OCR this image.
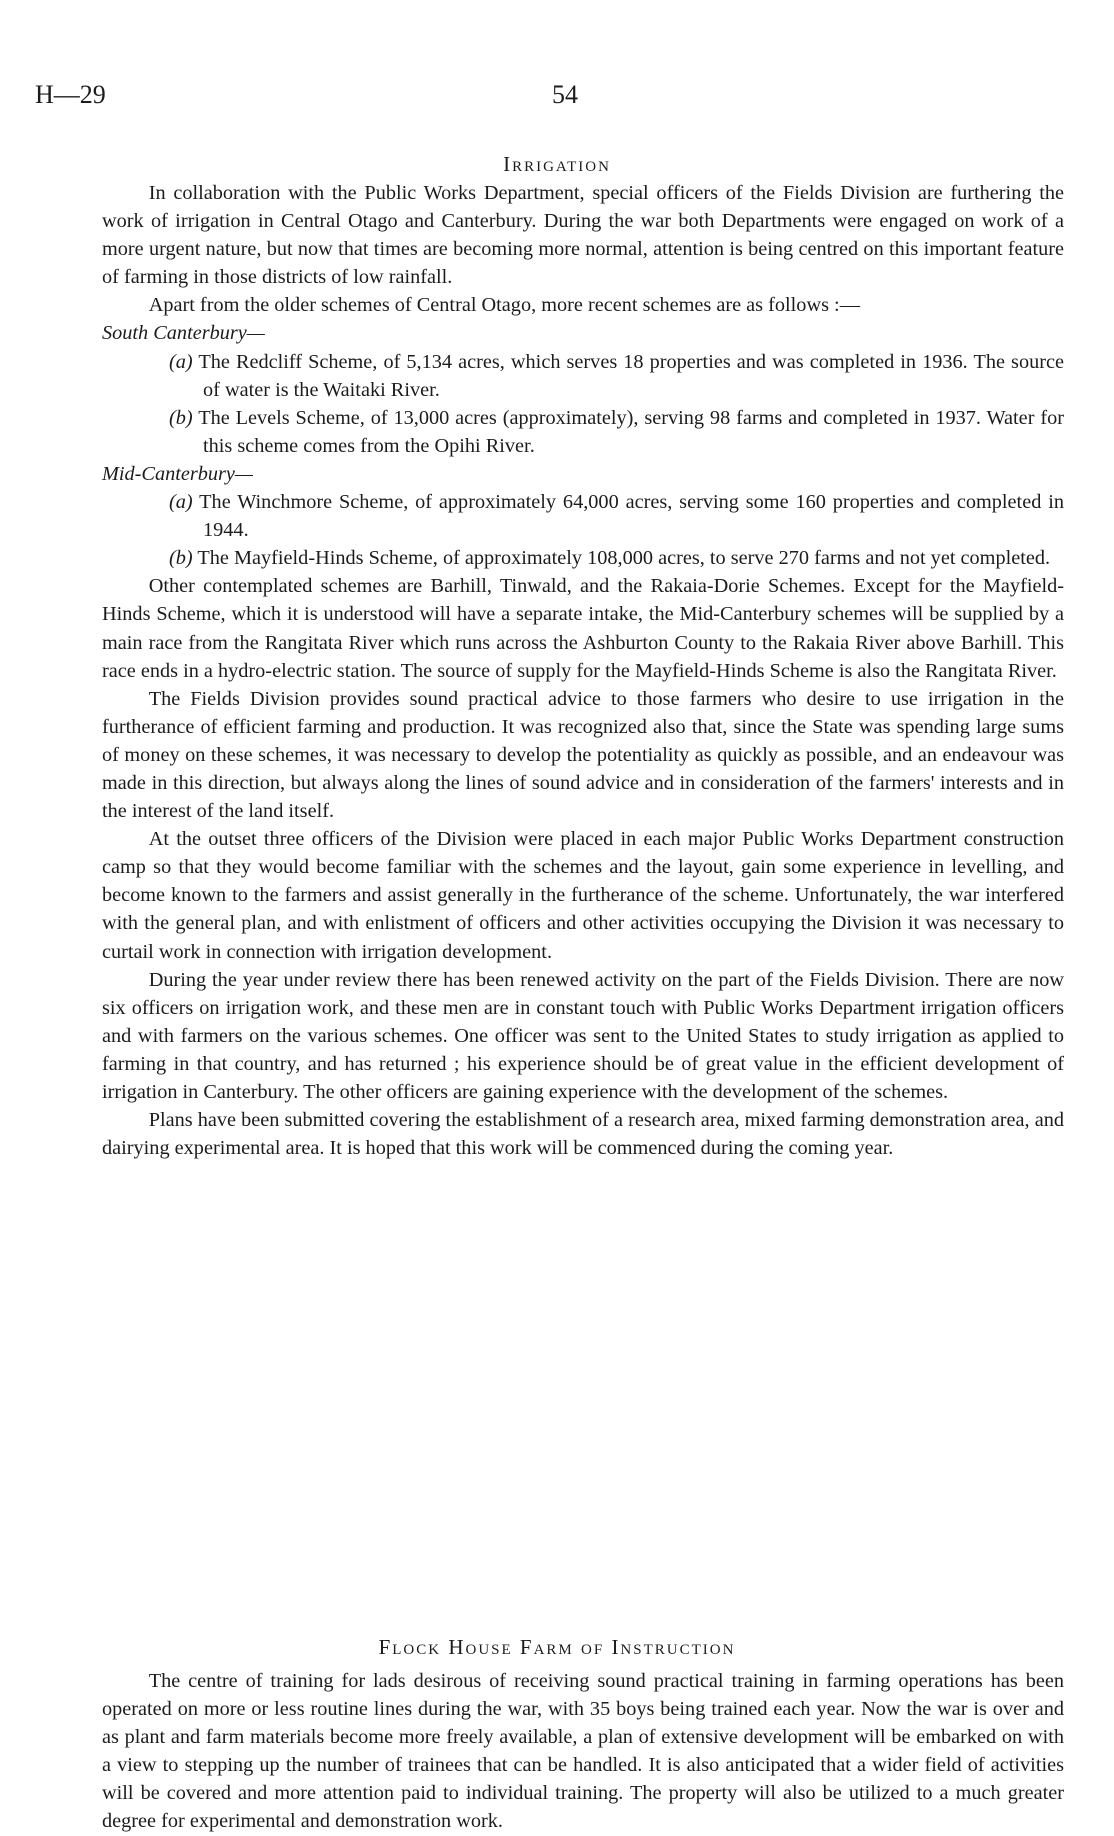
H—29	54
Irrigation

In collaboration with the Public Works Department, special officers of the Fields Division are furthering the work of irrigation in Central Otago and Canterbury. During the war both Departments were engaged on work of a more urgent nature, but now that times are becoming more normal, attention is being centred on this important feature of farming in those districts of low rainfall.

Apart from the older schemes of Central Otago, more recent schemes are as follows :—

South Canterbury—

(a) The Redcliff Scheme, of 5,134 acres, which serves 18 properties and was completed in 1936. The source of water is the Waitaki River.

(b) The Levels Scheme, of 13,000 acres (approximately), serving 98 farms and completed in 1937. Water for this scheme comes from the Opihi River.

Mid-Canterbury—

(a) The Winchmore Scheme, of approximately 64,000 acres, serving some 160 properties and completed in 1944.

(b) The Mayfield-Hinds Scheme, of approximately 108,000 acres, to serve 270 farms and not yet completed.

Other contemplated schemes are Barhill, Tinwald, and the Rakaia-Dorie Schemes. Except for the Mayfield-Hinds Scheme, which it is understood will have a separate intake, the Mid-Canterbury schemes will be supplied by a main race from the Rangitata River which runs across the Ashburton County to the Rakaia River above Barhill. This race ends in a hydro-electric station. The source of supply for the Mayfield-Hinds Scheme is also the Rangitata River.

The Fields Division provides sound practical advice to those farmers who desire to use irrigation in the furtherance of efficient farming and production. It was recognized also that, since the State was spending large sums of money on these schemes, it was necessary to develop the potentiality as quickly as possible, and an endeavour was made in this direction, but always along the lines of sound advice and in consideration of the farmers' interests and in the interest of the land itself.

At the outset three officers of the Division were placed in each major Public Works Department construction camp so that they would become familiar with the schemes and the layout, gain some experience in levelling, and become known to the farmers and assist generally in the furtherance of the scheme. Unfortunately, the war interfered with the general plan, and with enlistment of officers and other activities occupying the Division it was necessary to curtail work in connection with irrigation development.

During the year under review there has been renewed activity on the part of the Fields Division. There are now six officers on irrigation work, and these men are in constant touch with Public Works Department irrigation officers and with farmers on the various schemes. One officer was sent to the United States to study irrigation as applied to farming in that country, and has returned ; his experience should be of great value in the efficient development of irrigation in Canterbury. The other officers are gaining experience with the development of the schemes.

Plans have been submitted covering the establishment of a research area, mixed farming demonstration area, and dairying experimental area. It is hoped that this work will be commenced during the coming year.

Flock House Farm of Instruction

The centre of training for lads desirous of receiving sound practical training in farming operations has been operated on more or less routine lines during the war, with 35 boys being trained each year. Now the war is over and as plant and farm materials become more freely available, a plan of extensive development will be embarked on with a view to stepping up the number of trainees that can be handled. It is also anticipated that a wider field of activities will be covered and more attention paid to individual training. The property will also be utilized to a much greater degree for experimental and demonstration work.
